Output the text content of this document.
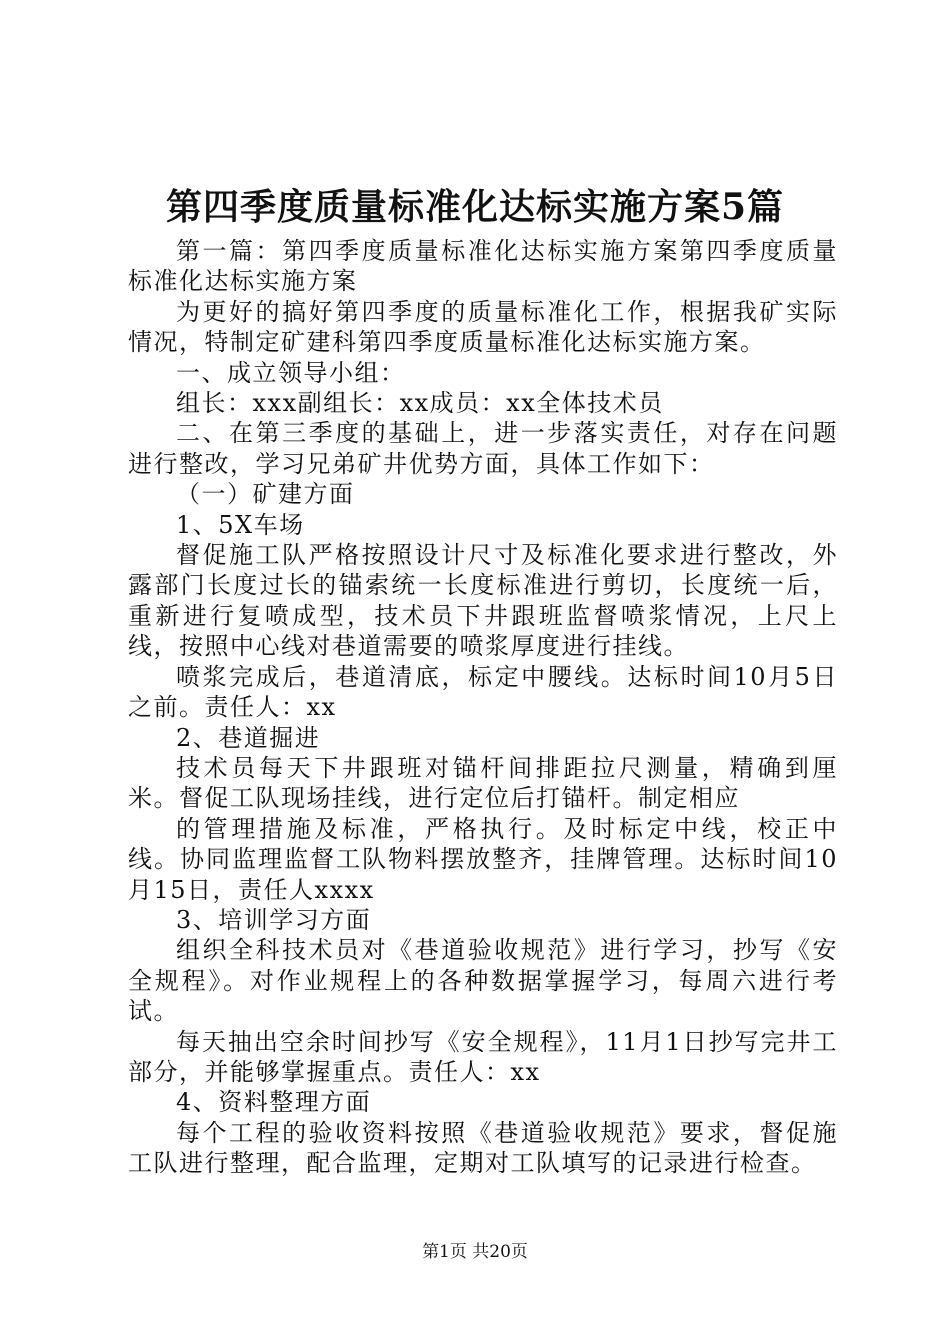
第四季度质量标准化达标实施方案5篇

第一篇：第四季度质量标准化达标实施方案第四季度质量标准化达标实施方案

为更好的搞好第四季度的质量标准化工作，根据我矿实际情况，特制定矿建科第四季度质量标准化达标实施方案。

一、成立领导小组：

组长：xxx副组长：xx成员：xx全体技术员

二、在第三季度的基础上，进一步落实责任，对存在问题进行整改，学习兄弟矿井优势方面，具体工作如下：

（一）矿建方面

1、5X车场

督促施工队严格按照设计尺寸及标准化要求进行整改，外露部门长度过长的锚索统一长度标准进行剪切，长度统一后，重新进行复喷成型，技术员下井跟班监督喷浆情况，上尺上线，按照中心线对巷道需要的喷浆厚度进行挂线。

喷浆完成后，巷道清底，标定中腰线。达标时间10月5日之前。责任人：xx

2、巷道掘进

技术员每天下井跟班对锚杆间排距拉尺测量，精确到厘米。督促工队现场挂线，进行定位后打锚杆。制定相应

的管理措施及标准，严格执行。及时标定中线，校正中线。协同监理监督工队物料摆放整齐，挂牌管理。达标时间10月15日，责任人xxxx

3、培训学习方面

组织全科技术员对《巷道验收规范》进行学习，抄写《安全规程》。对作业规程上的各种数据掌握学习，每周六进行考试。

每天抽出空余时间抄写《安全规程》，11月1日抄写完井工部分，并能够掌握重点。责任人：xx

4、资料整理方面

每个工程的验收资料按照《巷道验收规范》要求，督促施工队进行整理，配合监理，定期对工队填写的记录进行检查。

第1页 共20页
